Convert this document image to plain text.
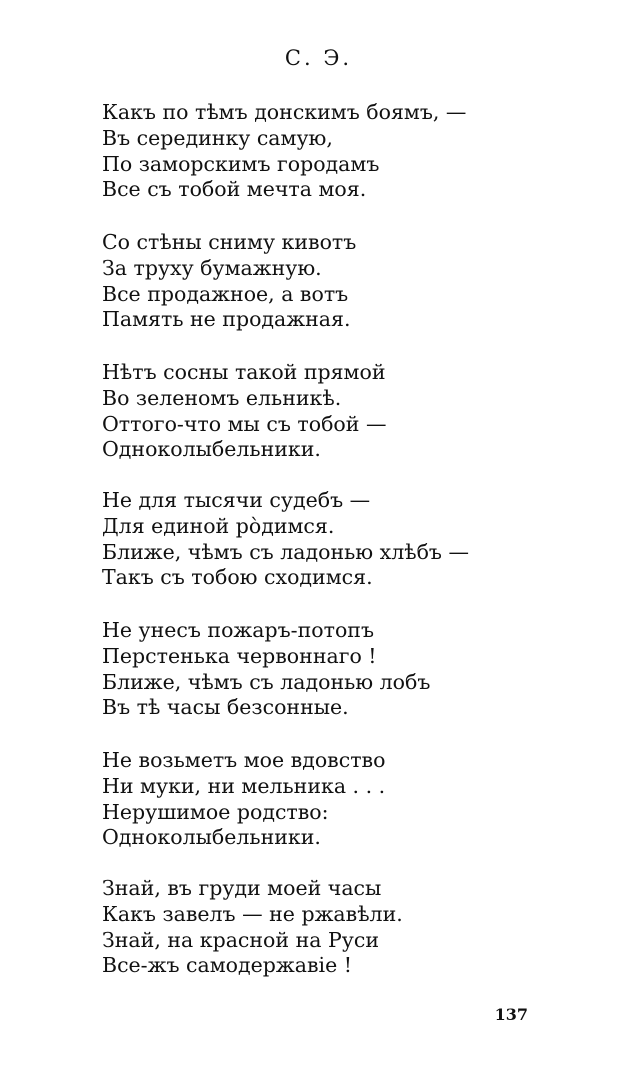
С. Э.
Какъ по тѣмъ донскимъ боямъ, —
Въ серединку самую,
По заморскимъ городамъ
Все съ тобой мечта моя.
Со стѣны сниму кивотъ
За труху бумажную.
Все продажное, а вотъ
Память не продажная.
Нѣтъ сосны такой прямой
Во зеленомъ ельникѣ.
Оттого-что мы съ тобой —
Одноколыбельники.
Не для тысячи судебъ —
Для единой ро̀димся.
Ближе, чѣмъ съ ладонью хлѣбъ —
Такъ съ тобою сходимся.
Не унесъ пожаръ-потопъ
Перстенька червоннаго !
Ближе, чѣмъ съ ладонью лобъ
Въ тѣ часы безсонные.
Не возьметъ мое вдовство
Ни муки, ни мельника . . .
Нерушимое родство:
Одноколыбельники.
Знай, въ груди моей часы
Какъ завелъ — не ржавѣли.
Знай, на красной на Руси
Все-жъ самодержавiе !
137
